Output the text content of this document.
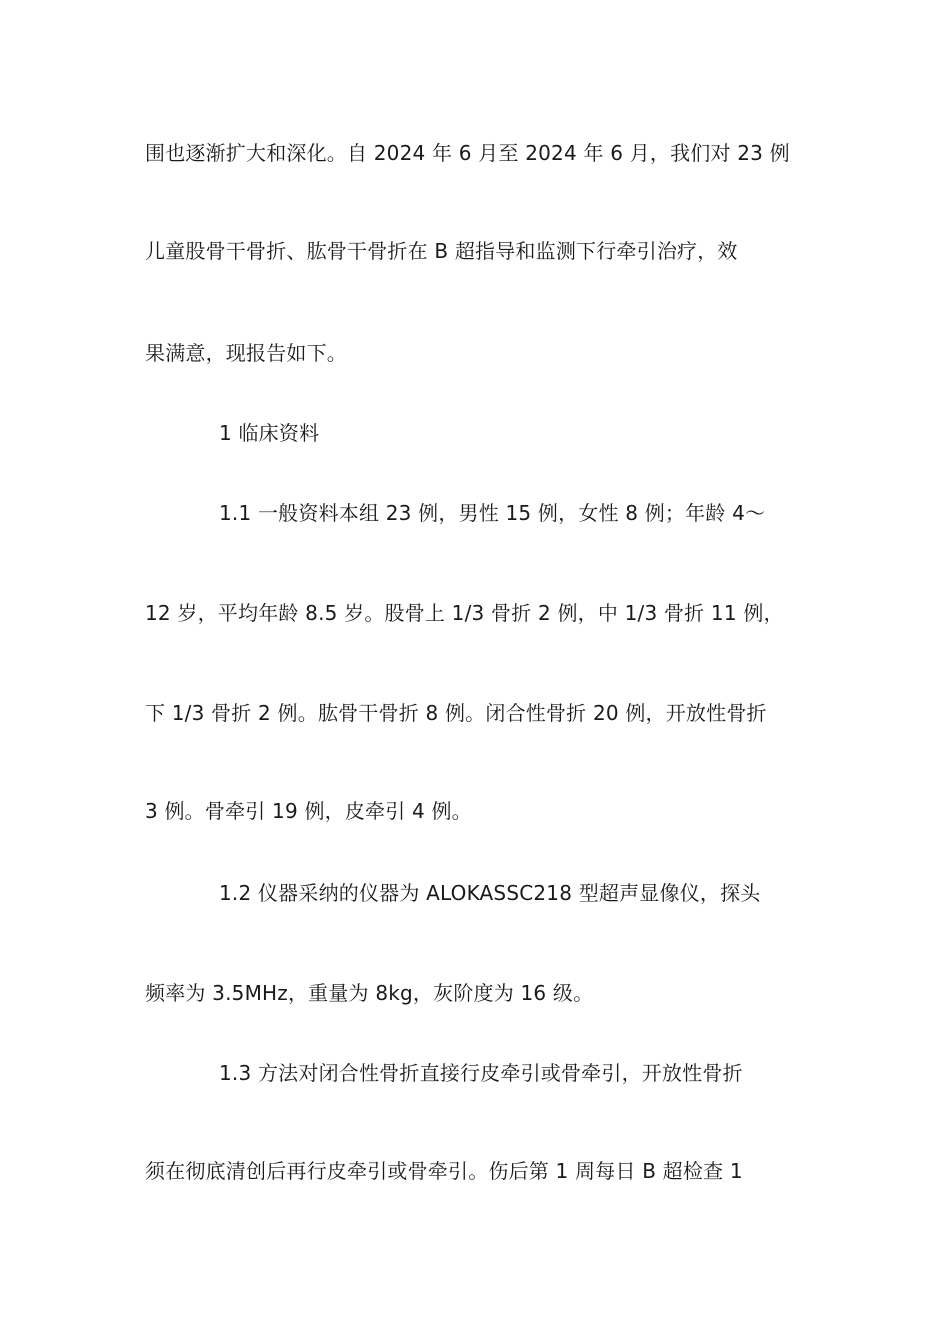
围也逐渐扩大和深化。自 2024 年 6 月至 2024 年 6 月，我们对 23 例
儿童股骨干骨折、肱骨干骨折在 B 超指导和监测下行牵引治疗，效
果满意，现报告如下。
1 临床资料
1.1 一般资料本组 23 例，男性 15 例，女性 8 例；年龄 4～
12 岁，平均年龄 8.5 岁。股骨上 1/3 骨折 2 例，中 1/3 骨折 11 例，
下 1/3 骨折 2 例。肱骨干骨折 8 例。闭合性骨折 20 例，开放性骨折
3 例。骨牵引 19 例，皮牵引 4 例。
1.2 仪器采纳的仪器为 ALOKASSC218 型超声显像仪，探头
频率为 3.5MHz，重量为 8kg，灰阶度为 16 级。
1.3 方法对闭合性骨折直接行皮牵引或骨牵引，开放性骨折
须在彻底清创后再行皮牵引或骨牵引。伤后第 1 周每日 B 超检查 1
